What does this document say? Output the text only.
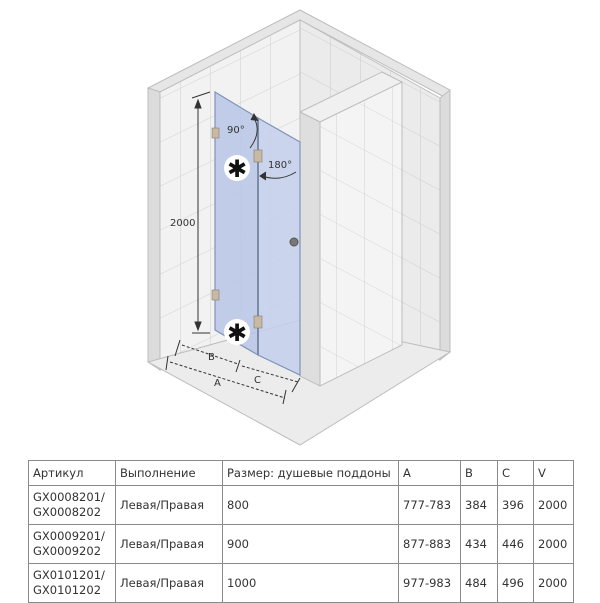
90°
180°
✱
✱
2000
B
C
A
Артикул	Выполнение	Размер: душевые поддоны	A	B	C	V

GX0008201/
GX0008202	Левая/Правая	800	777-783	384	396	2000

GX0009201/
GX0009202	Левая/Правая	900	877-883	434	446	2000

GX0101201/
GX0101202	Левая/Правая	1000	977-983	484	496	2000
